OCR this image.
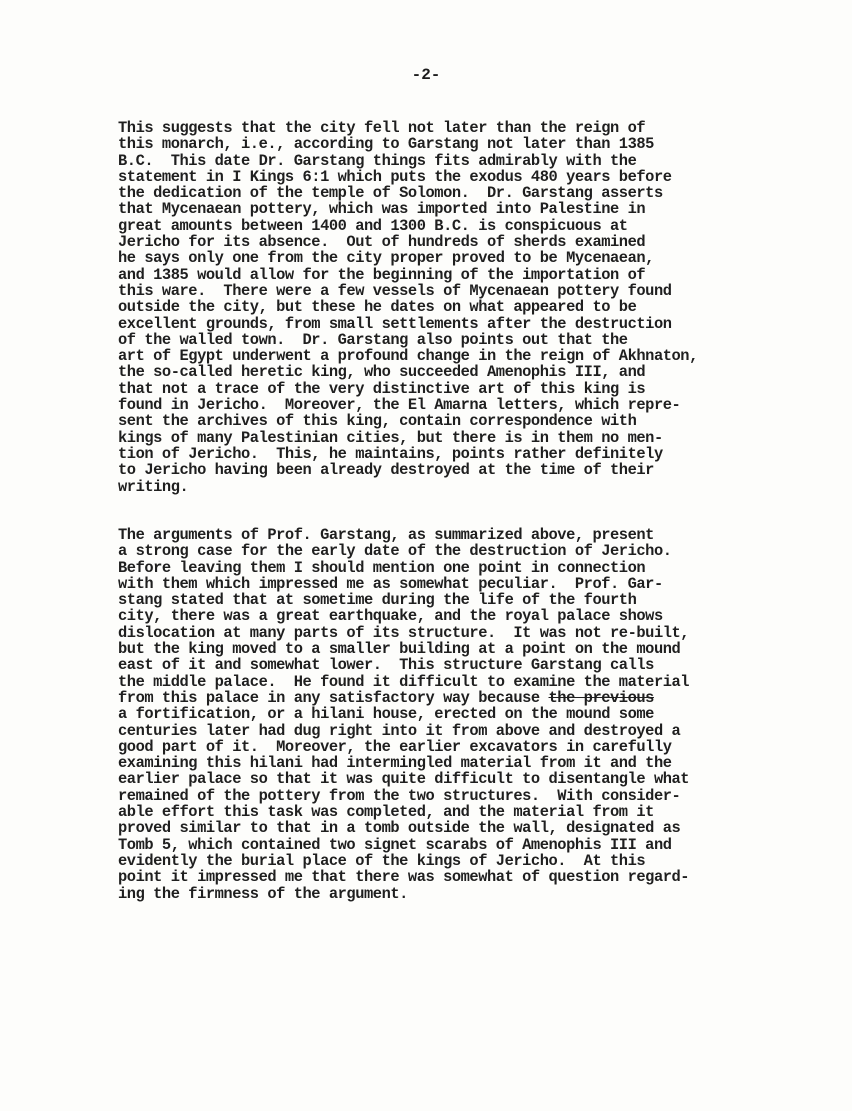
-2-

This suggests that the city fell not later than the reign of
this monarch, i.e., according to Garstang not later than 1385
B.C.  This date Dr. Garstang things fits admirably with the
statement in I Kings 6:1 which puts the exodus 480 years before
the dedication of the temple of Solomon.  Dr. Garstang asserts
that Mycenaean pottery, which was imported into Palestine in
great amounts between 1400 and 1300 B.C. is conspicuous at
Jericho for its absence.  Out of hundreds of sherds examined
he says only one from the city proper proved to be Mycenaean,
and 1385 would allow for the beginning of the importation of
this ware.  There were a few vessels of Mycenaean pottery found
outside the city, but these he dates on what appeared to be
excellent grounds, from small settlements after the destruction
of the walled town.  Dr. Garstang also points out that the
art of Egypt underwent a profound change in the reign of Akhnaton,
the so-called heretic king, who succeeded Amenophis III, and
that not a trace of the very distinctive art of this king is
found in Jericho.  Moreover, the El Amarna letters, which repre-
sent the archives of this king, contain correspondence with
kings of many Palestinian cities, but there is in them no men-
tion of Jericho.  This, he maintains, points rather definitely
to Jericho having been already destroyed at the time of their
writing.

The arguments of Prof. Garstang, as summarized above, present
a strong case for the early date of the destruction of Jericho.
Before leaving them I should mention one point in connection
with them which impressed me as somewhat peculiar.  Prof. Gar-
stang stated that at sometime during the life of the fourth
city, there was a great earthquake, and the royal palace shows
dislocation at many parts of its structure.  It was not re-built,
but the king moved to a smaller building at a point on the mound
east of it and somewhat lower.  This structure Garstang calls
the middle palace.  He found it difficult to examine the material
from this palace in any satisfactory way because the previous
a fortification, or a hilani house, erected on the mound some
centuries later had dug right into it from above and destroyed a
good part of it.  Moreover, the earlier excavators in carefully
examining this hilani had intermingled material from it and the
earlier palace so that it was quite difficult to disentangle what
remained of the pottery from the two structures.  With consider-
able effort this task was completed, and the material from it
proved similar to that in a tomb outside the wall, designated as
Tomb 5, which contained two signet scarabs of Amenophis III and
evidently the burial place of the kings of Jericho.  At this
point it impressed me that there was somewhat of question regard-
ing the firmness of the argument.
